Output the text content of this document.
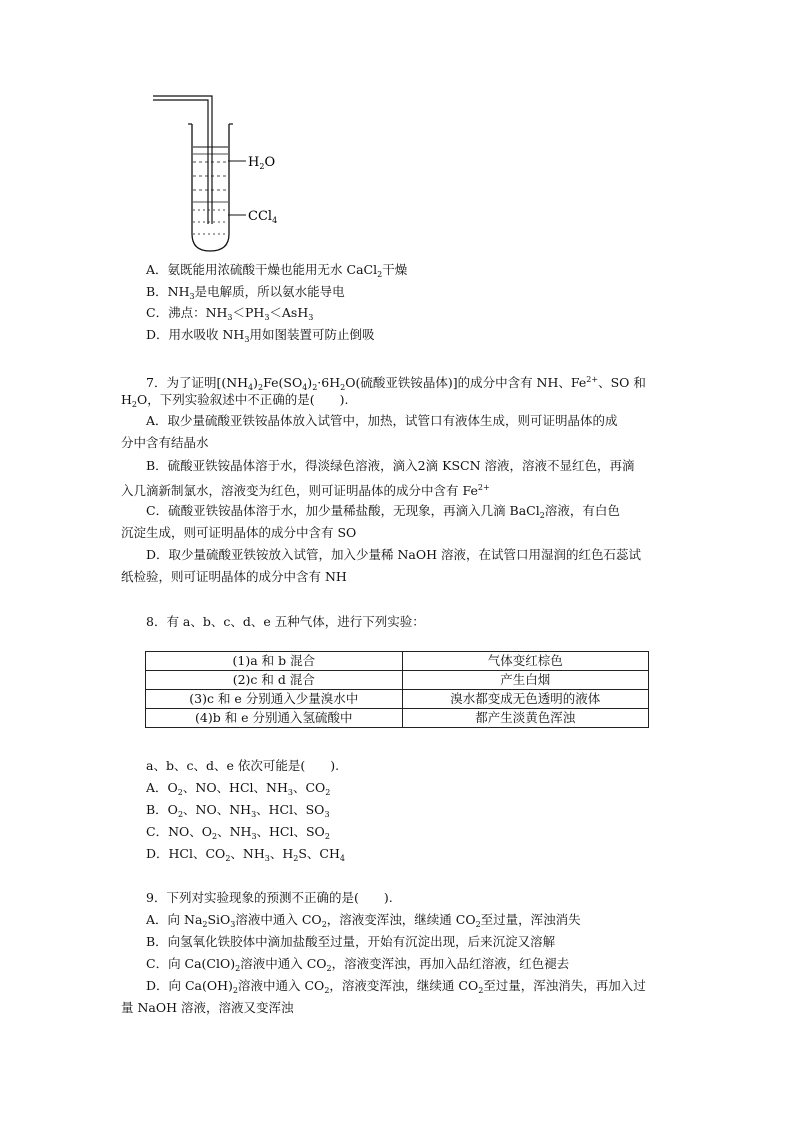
$H_2O$
CCl$_4$
A．氨既能用浓硫酸干燥也能用无水 CaCl$_2$干燥
B．$NH_3$是电解质，所以氨水能导电
C．沸点：$NH_3<PH_3<AsH_3$
D．用水吸收 $NH_3$用如图装置可防止倒吸
7．为了证明[$(NH_4)_2Fe(SO_4)_2\cdot 6H_2O$(硫酸亚铁铵晶体)]的成分中含有 NH、$Fe^{2+}$、SO 和
$H_2O$，下列实验叙述中不正确的是(　　).
A．取少量硫酸亚铁铵晶体放入试管中，加热，试管口有液体生成，则可证明晶体的成
分中含有结晶水
B．硫酸亚铁铵晶体溶于水，得淡绿色溶液，滴入2滴 KSCN 溶液，溶液不显红色，再滴
入几滴新制氯水，溶液变为红色，则可证明晶体的成分中含有 $Fe^{2+}$
C．硫酸亚铁铵晶体溶于水，加少量稀盐酸，无现象，再滴入几滴 BaCl$_2$溶液，有白色
沉淀生成，则可证明晶体的成分中含有 SO
D．取少量硫酸亚铁铵放入试管，加入少量稀 NaOH 溶液，在试管口用湿润的红色石蕊试
纸检验，则可证明晶体的成分中含有 NH
8．有 a、b、c、d、e 五种气体，进行下列实验：
(1)a 和 b 混合	气体变红棕色
(2)c 和 d 混合	产生白烟
(3)c 和 e 分别通入少量溴水中	溴水都变成无色透明的液体
(4)b 和 e 分别通入氢硫酸中	都产生淡黄色浑浊
a、b、c、d、e 依次可能是(　　).
A．$O_2$、NO、HCl、$NH_3$、$CO_2$
B．$O_2$、NO、$NH_3$、HCl、$SO_3$
C．NO、$O_2$、$NH_3$、HCl、$SO_2$
D．HCl、$CO_2$、$NH_3$、$H_2S$、$CH_4$
9．下列对实验现象的预测不正确的是(　　).
A．向 $Na_2SiO_3$溶液中通入 $CO_2$，溶液变浑浊，继续通 $CO_2$至过量，浑浊消失
B．向氢氧化铁胶体中滴加盐酸至过量，开始有沉淀出现，后来沉淀又溶解
C．向 $Ca(ClO)_2$溶液中通入 $CO_2$，溶液变浑浊，再加入品红溶液，红色褪去
D．向 $Ca(OH)_2$溶液中通入 $CO_2$，溶液变浑浊，继续通 $CO_2$至过量，浑浊消失，再加入过
量 NaOH 溶液，溶液又变浑浊
